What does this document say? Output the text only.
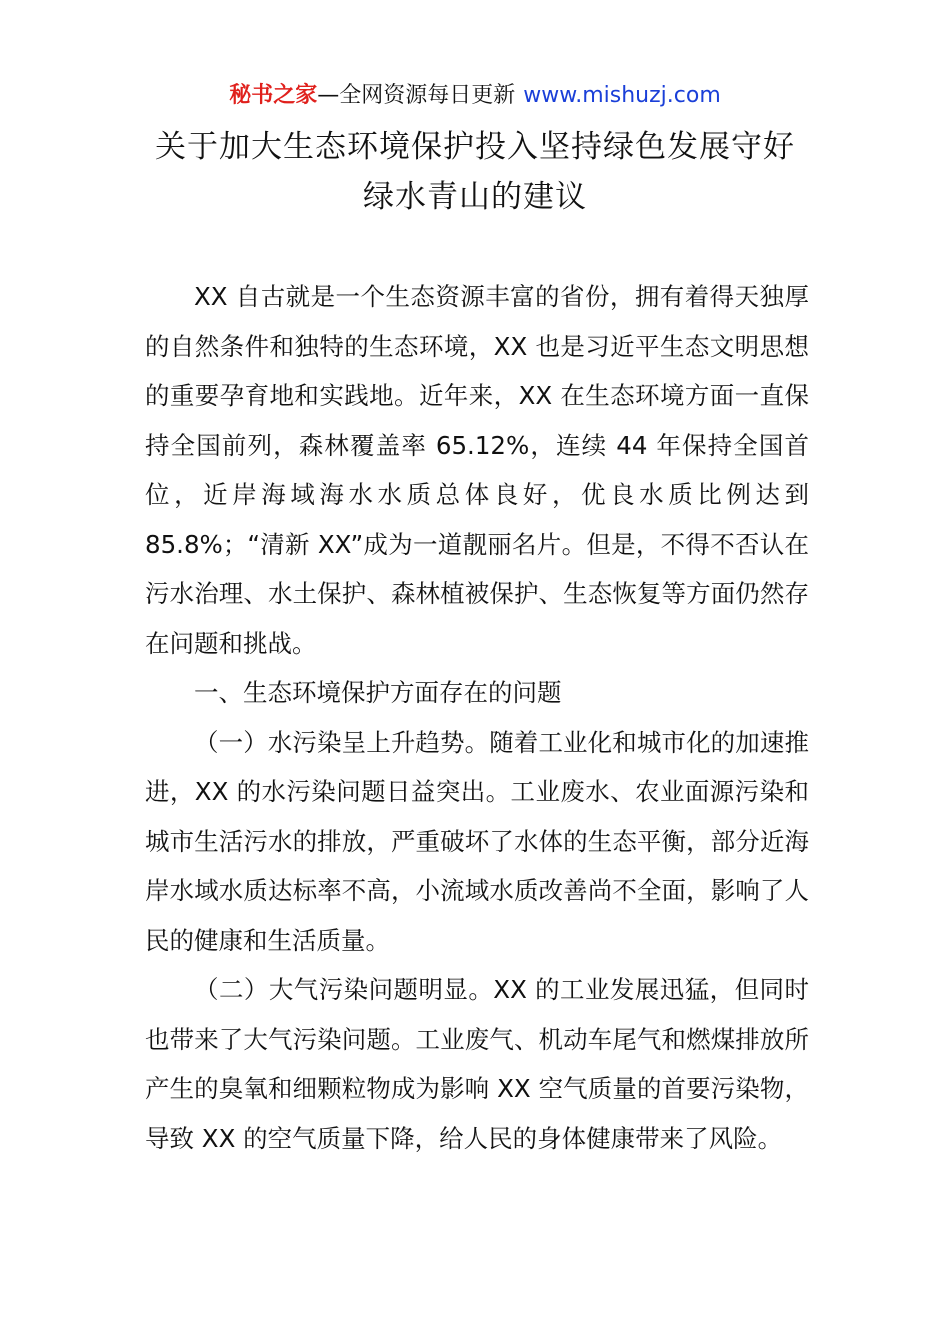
秘书之家—全网资源每日更新 www.mishuzj.com
关于加大生态环境保护投入坚持绿色发展守好
绿水青山的建议

XX 自古就是一个生态资源丰富的省份，拥有着得天独厚的自然条件和独特的生态环境，XX 也是习近平生态文明思想的重要孕育地和实践地。近年来，XX 在生态环境方面一直保持全国前列，森林覆盖率 65.12%，连续 44 年保持全国首位，近岸海域海水水质总体良好，优良水质比例达到 85.8%；“清新 XX”成为一道靓丽名片。但是，不得不否认在污水治理、水土保护、森林植被保护、生态恢复等方面仍然存在问题和挑战。

一、生态环境保护方面存在的问题

（一）水污染呈上升趋势。随着工业化和城市化的加速推进，XX 的水污染问题日益突出。工业废水、农业面源污染和城市生活污水的排放，严重破坏了水体的生态平衡，部分近海岸水域水质达标率不高，小流域水质改善尚不全面，影响了人民的健康和生活质量。

（二）大气污染问题明显。XX 的工业发展迅猛，但同时也带来了大气污染问题。工业废气、机动车尾气和燃煤排放所产生的臭氧和细颗粒物成为影响 XX 空气质量的首要污染物，导致 XX 的空气质量下降，给人民的身体健康带来了风险。
